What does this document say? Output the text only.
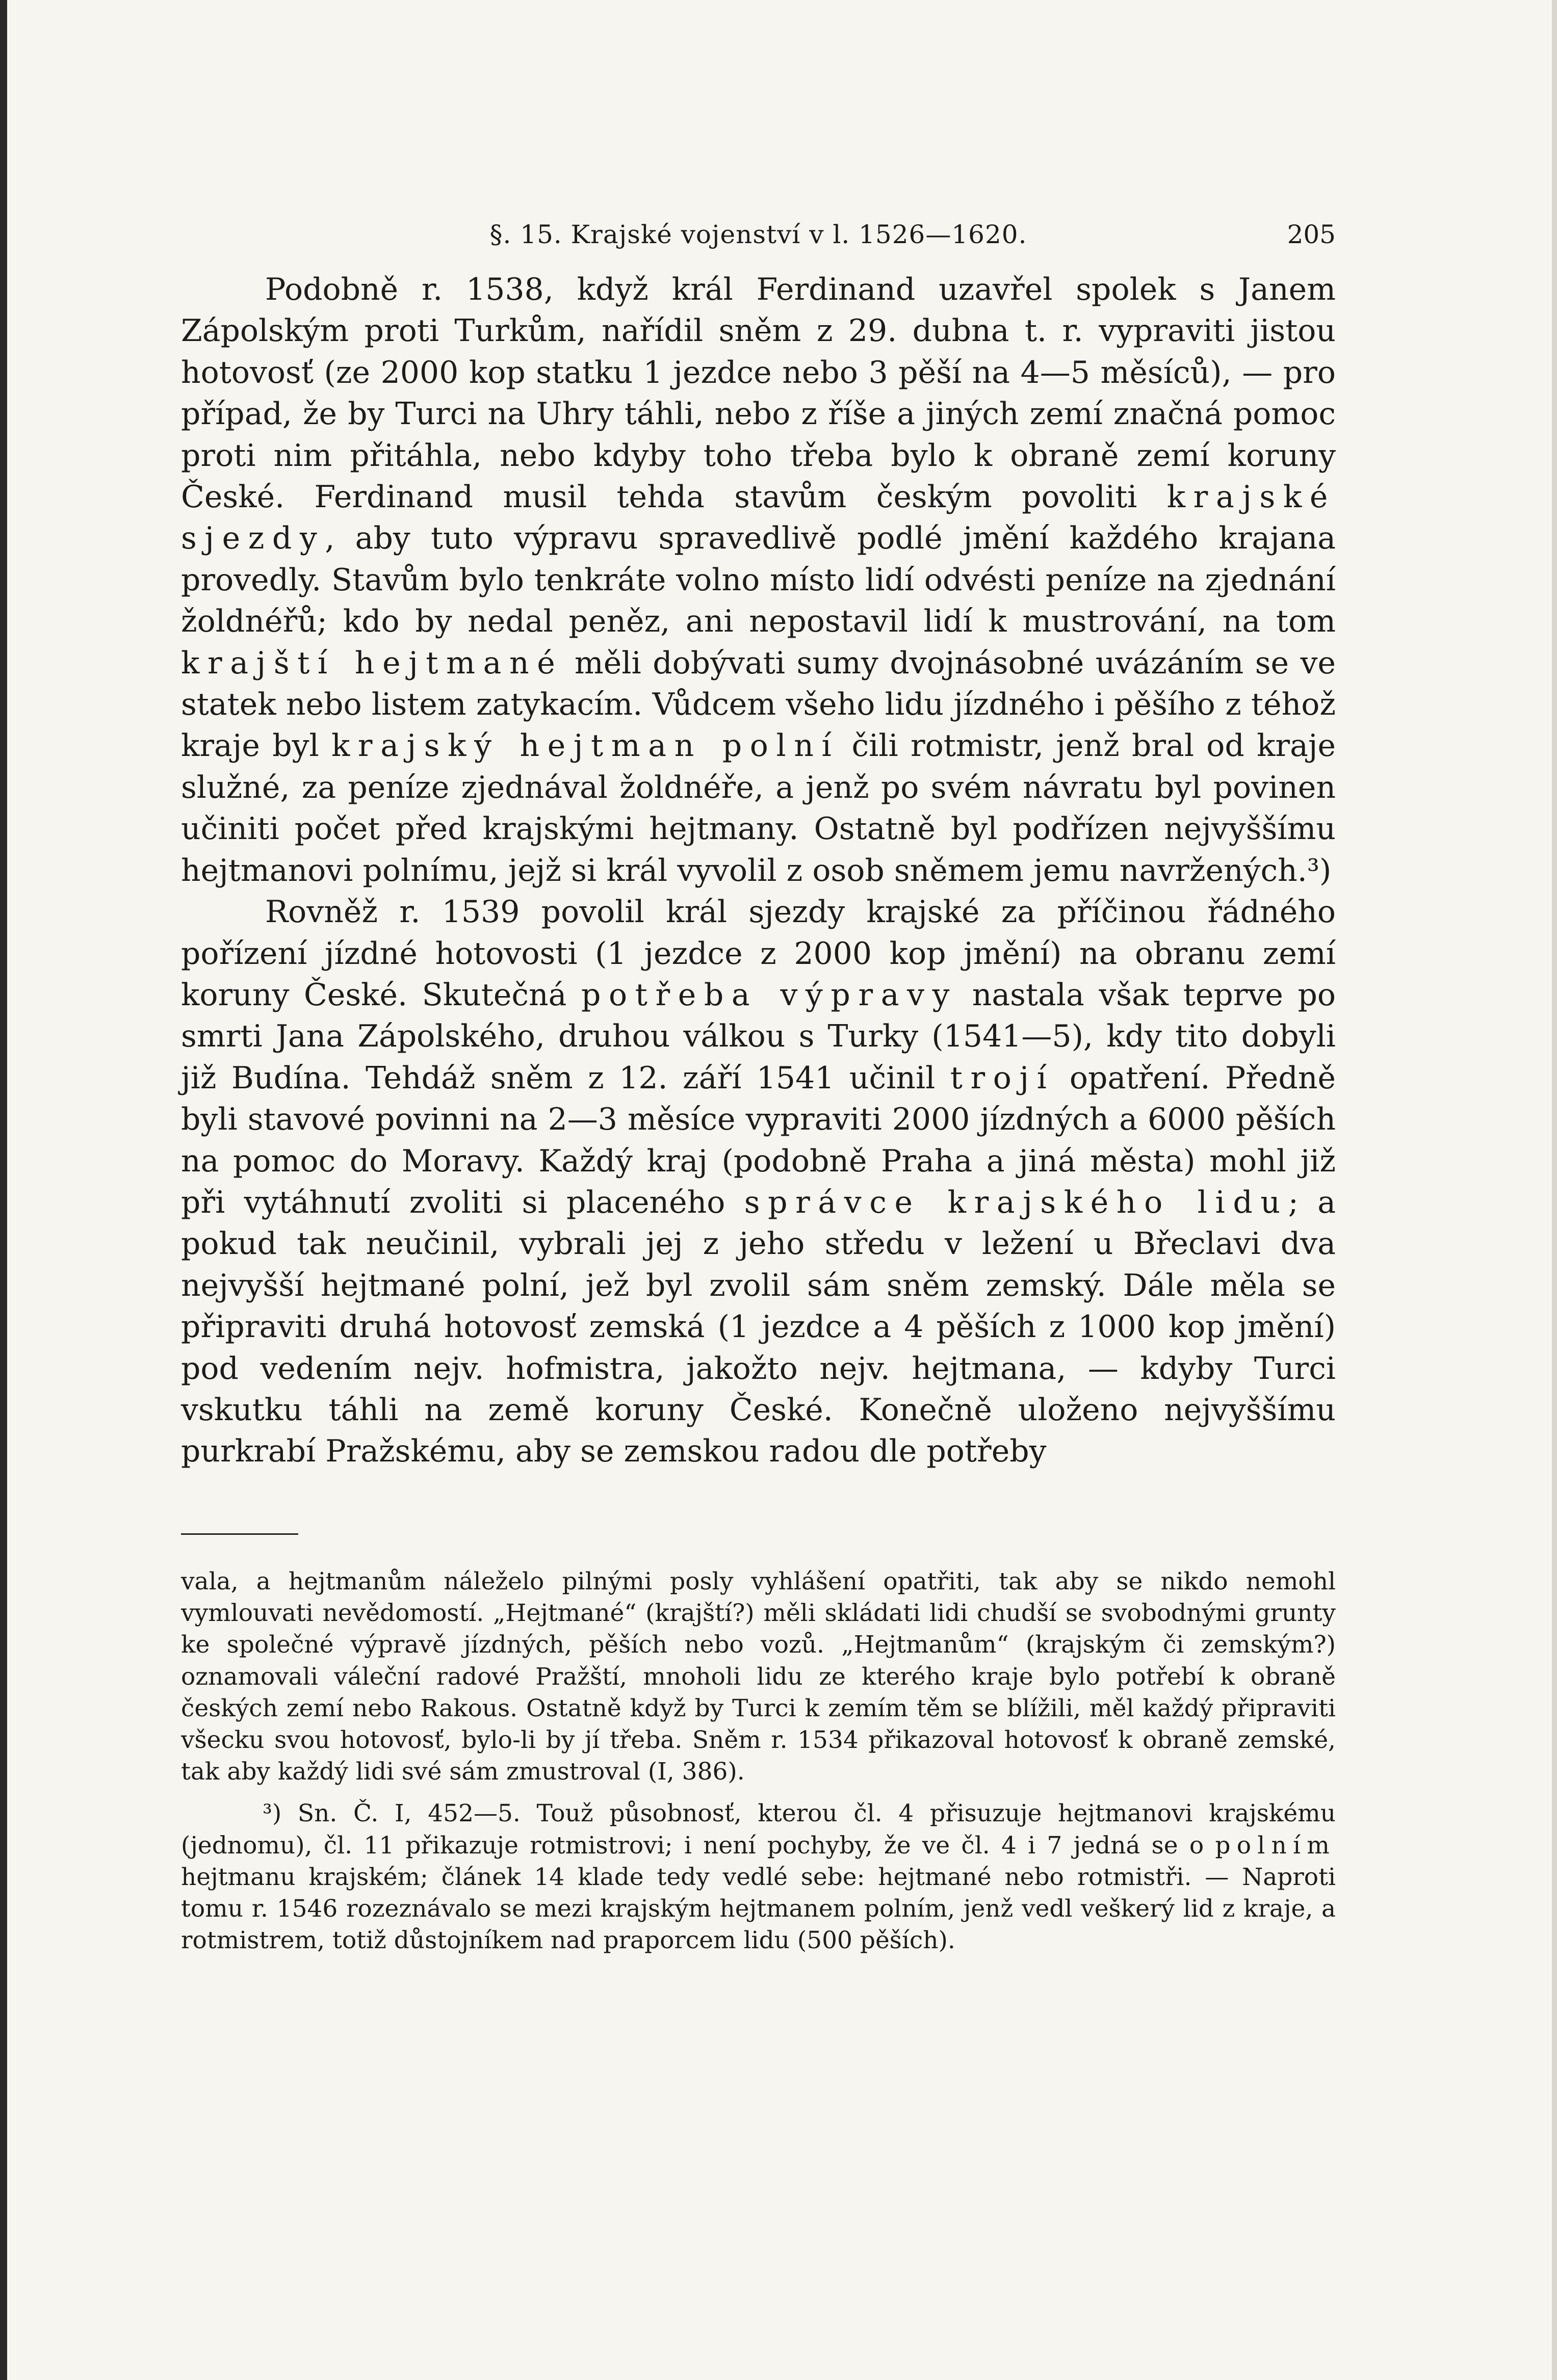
§. 15. Krajské vojenství v l. 1526—1620.	205

Podobně r. 1538, když král Ferdinand uzavřel spolek s Janem Zápolským proti Turkům, nařídil sněm z 29. dubna t. r. vypraviti jistou hotovosť (ze 2000 kop statku 1 jezdce nebo 3 pěší na 4—5 měsíců), — pro případ, že by Turci na Uhry táhli, nebo z říše a jiných zemí značná pomoc proti nim přitáhla, nebo kdyby toho třeba bylo k obraně zemí koruny České. Ferdinand musil tehda stavům českým povoliti krajské sjezdy, aby tuto výpravu spravedlivě podlé jmění každého krajana provedly. Stavům bylo tenkráte volno místo lidí odvésti peníze na zjednání žoldnéřů; kdo by nedal peněz, ani nepostavil lidí k mustrování, na tom krajští hejtmané měli dobývati sumy dvojnásobné uvázáním se ve statek nebo listem zatykacím. Vůdcem všeho lidu jízdného i pěšího z téhož kraje byl krajský hejtman polní čili rotmistr, jenž bral od kraje služné, za peníze zjednával žoldnéře, a jenž po svém návratu byl povinen učiniti počet před krajskými hejtmany. Ostatně byl podřízen nejvyššímu hejtmanovi polnímu, jejž si král vyvolil z osob sněmem jemu navržených.³)

Rovněž r. 1539 povolil král sjezdy krajské za příčinou řádného pořízení jízdné hotovosti (1 jezdce z 2000 kop jmění) na obranu zemí koruny České. Skutečná potřeba výpravy nastala však teprve po smrti Jana Zápolského, druhou válkou s Turky (1541—5), kdy tito dobyli již Budína. Tehdáž sněm z 12. září 1541 učinil trojí opatření. Předně byli stavové povinni na 2—3 měsíce vypraviti 2000 jízdných a 6000 pěších na pomoc do Moravy. Každý kraj (podobně Praha a jiná města) mohl již při vytáhnutí zvoliti si placeného správce krajského lidu; a pokud tak neučinil, vybrali jej z jeho středu v ležení u Břeclavi dva nejvyšší hejtmané polní, jež byl zvolil sám sněm zemský. Dále měla se připraviti druhá hotovosť zemská (1 jezdce a 4 pěších z 1000 kop jmění) pod vedením nejv. hofmistra, jakožto nejv. hejtmana, — kdyby Turci vskutku táhli na země koruny České. Konečně uloženo nejvyššímu purkrabí Pražskému, aby se zemskou radou dle potřeby

vala, a hejtmanům náleželo pilnými posly vyhlášení opatřiti, tak aby se nikdo nemohl vymlouvati nevědomostí. „Hejtmané“ (krajští?) měli skládati lidi chudší se svobodnými grunty ke společné výpravě jízdných, pěších nebo vozů. „Hejtmanům“ (krajským či zemským?) oznamovali váleční radové Pražští, mnoholi lidu ze kterého kraje bylo potřebí k obraně českých zemí nebo Rakous. Ostatně když by Turci k zemím těm se blížili, měl každý připraviti všecku svou hotovosť, bylo-li by jí třeba. Sněm r. 1534 přikazoval hotovosť k obraně zemské, tak aby každý lidi své sám zmustroval (I, 386).

³) Sn. Č. I, 452—5. Touž působnosť, kterou čl. 4 přisuzuje hejtmanovi krajskému (jednomu), čl. 11 přikazuje rotmistrovi; i není pochyby, že ve čl. 4 i 7 jedná se o polním hejtmanu krajském; článek 14 klade tedy vedlé sebe: hejtmané nebo rotmistři. — Naproti tomu r. 1546 rozeznávalo se mezi krajským hejtmanem polním, jenž vedl veškerý lid z kraje, a rotmistrem, totiž důstojníkem nad praporcem lidu (500 pěších).
